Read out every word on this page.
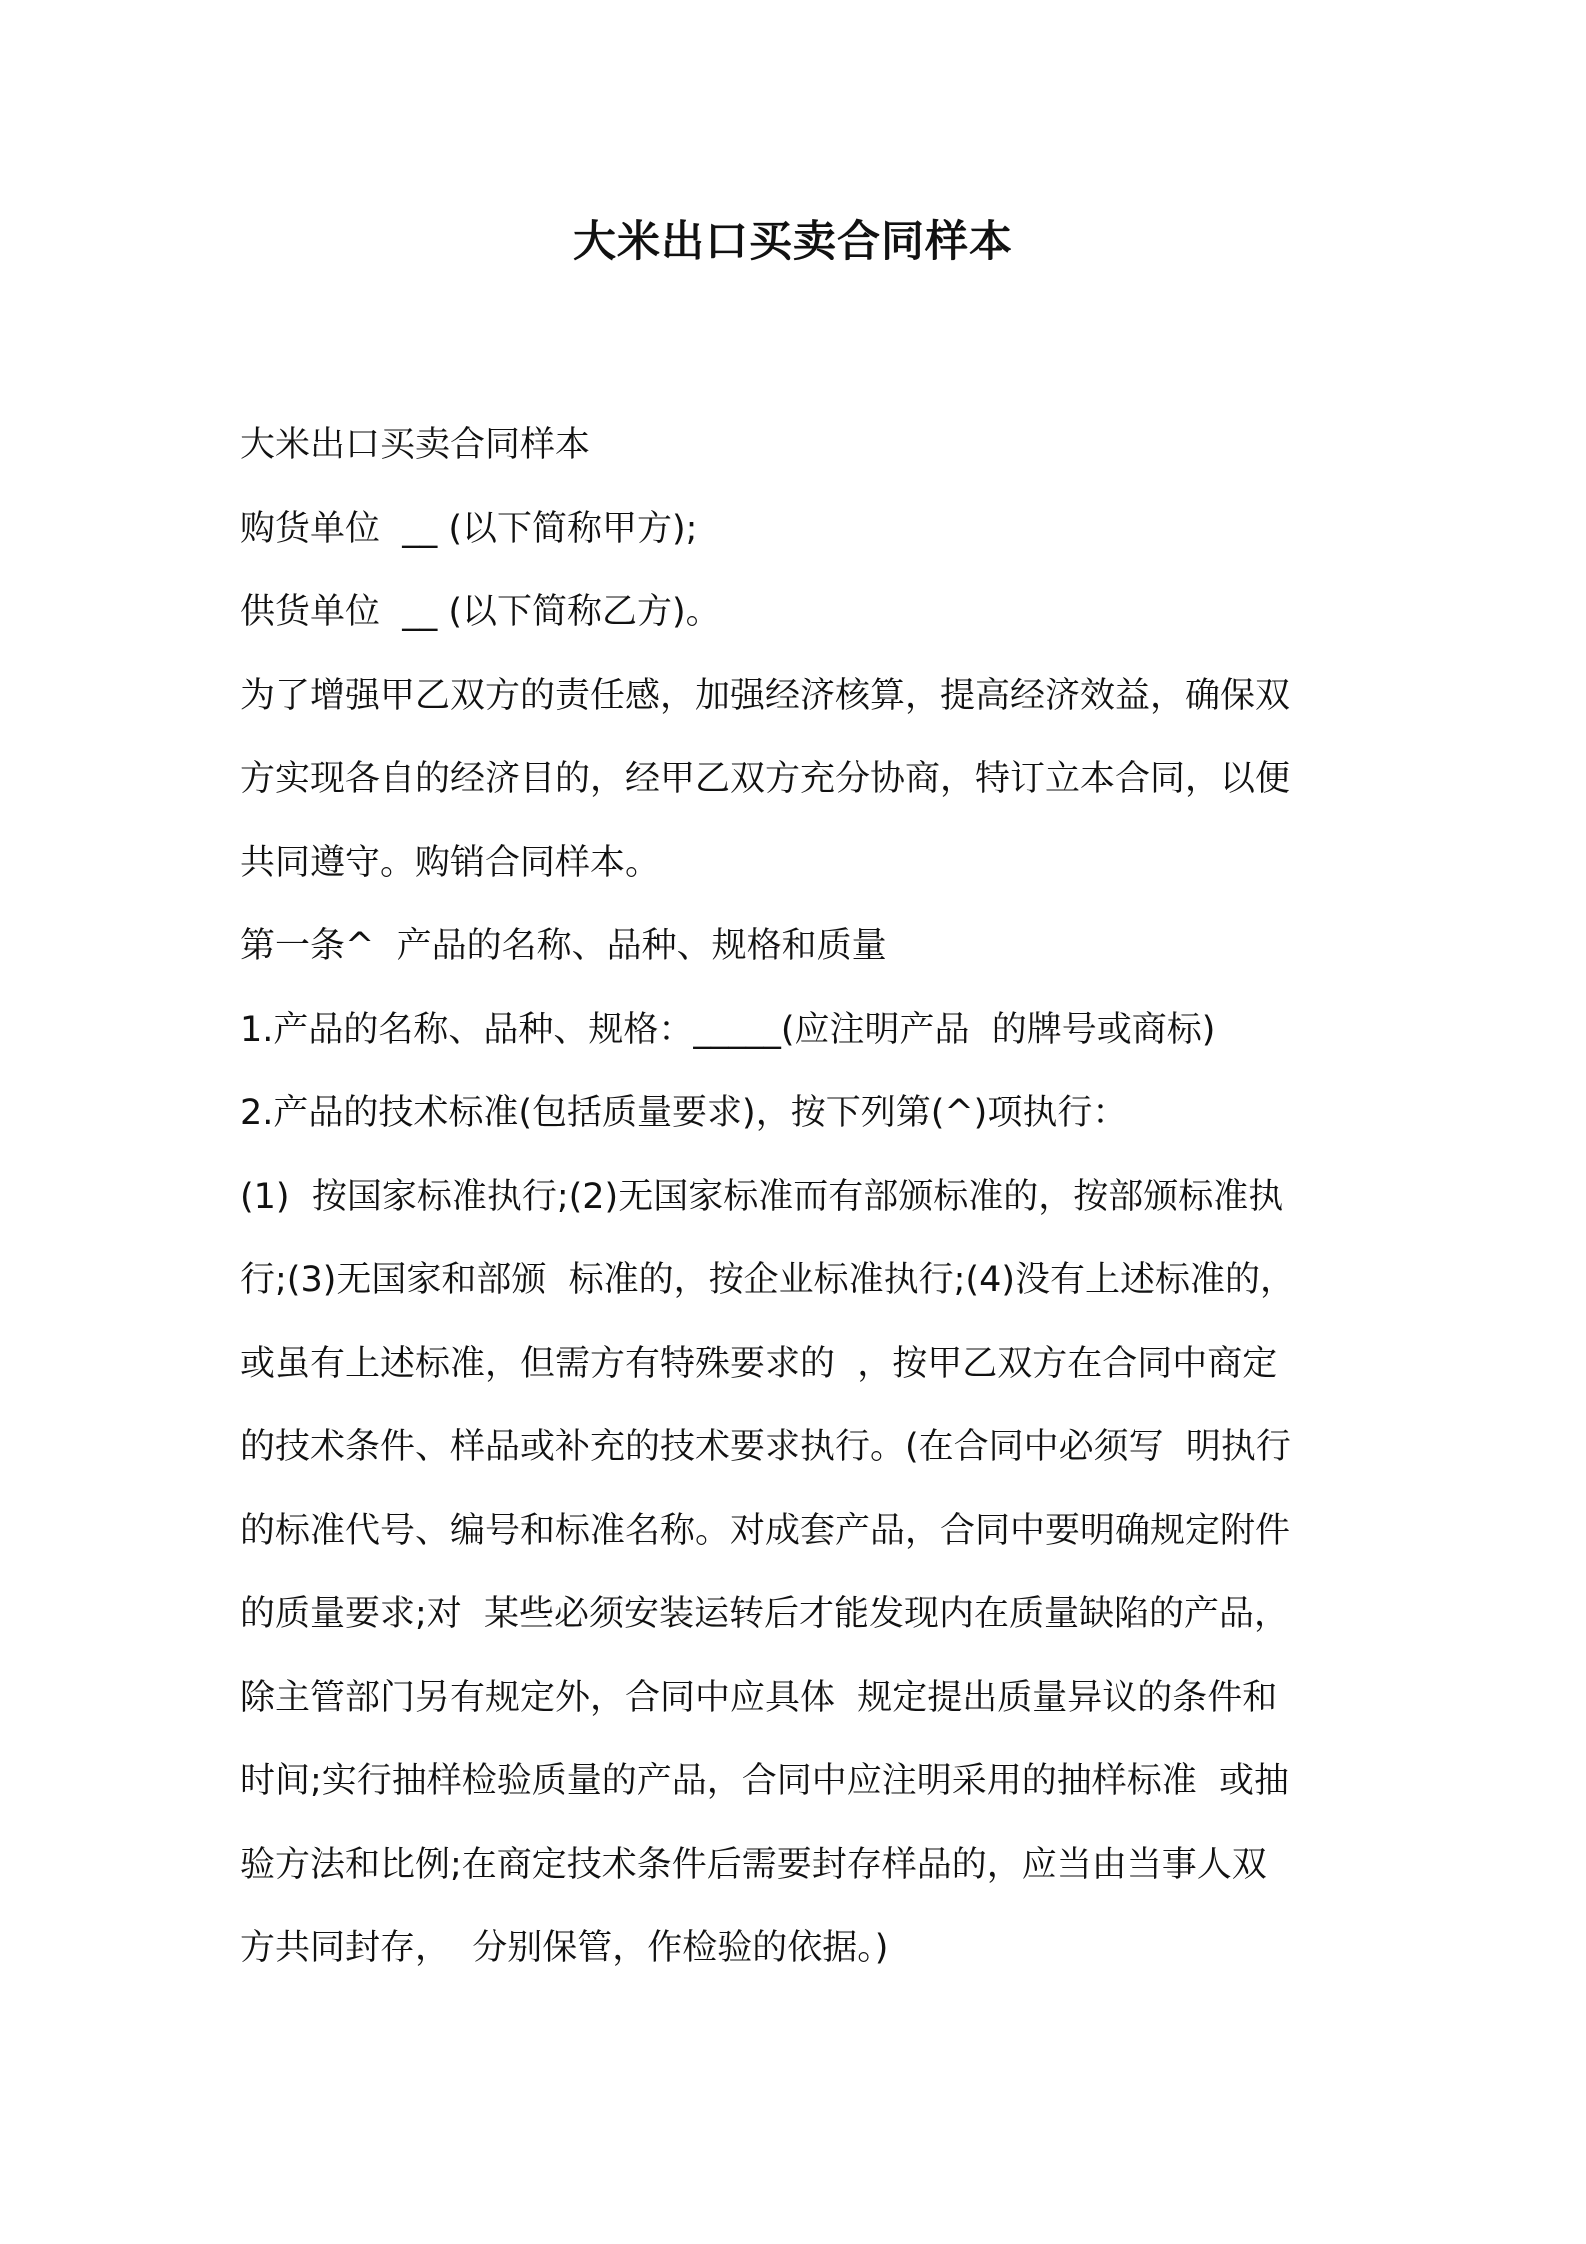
大米出口买卖合同样本
大米出口买卖合同样本
购货单位  __ (以下简称甲方);
供货单位  __ (以下简称乙方)。
为了增强甲乙双方的责任感，加强经济核算，提高经济效益，确保双
方实现各自的经济目的，经甲乙双方充分协商，特订立本合同，以便
共同遵守。购销合同样本。
第一条^  产品的名称、品种、规格和质量
1.产品的名称、品种、规格：_____(应注明产品  的牌号或商标)
2.产品的技术标准(包括质量要求)，按下列第(^)项执行：
(1)  按国家标准执行;(2)无国家标准而有部颁标准的，按部颁标准执
行;(3)无国家和部颁  标准的，按企业标准执行;(4)没有上述标准的，
或虽有上述标准，但需方有特殊要求的  ，按甲乙双方在合同中商定
的技术条件、样品或补充的技术要求执行。(在合同中必须写  明执行
的标准代号、编号和标准名称。对成套产品，合同中要明确规定附件
的质量要求;对  某些必须安装运转后才能发现内在质量缺陷的产品，
除主管部门另有规定外，合同中应具体  规定提出质量异议的条件和
时间;实行抽样检验质量的产品，合同中应注明采用的抽样标准  或抽
验方法和比例;在商定技术条件后需要封存样品的，应当由当事人双
方共同封存，  分别保管，作检验的依据。)
